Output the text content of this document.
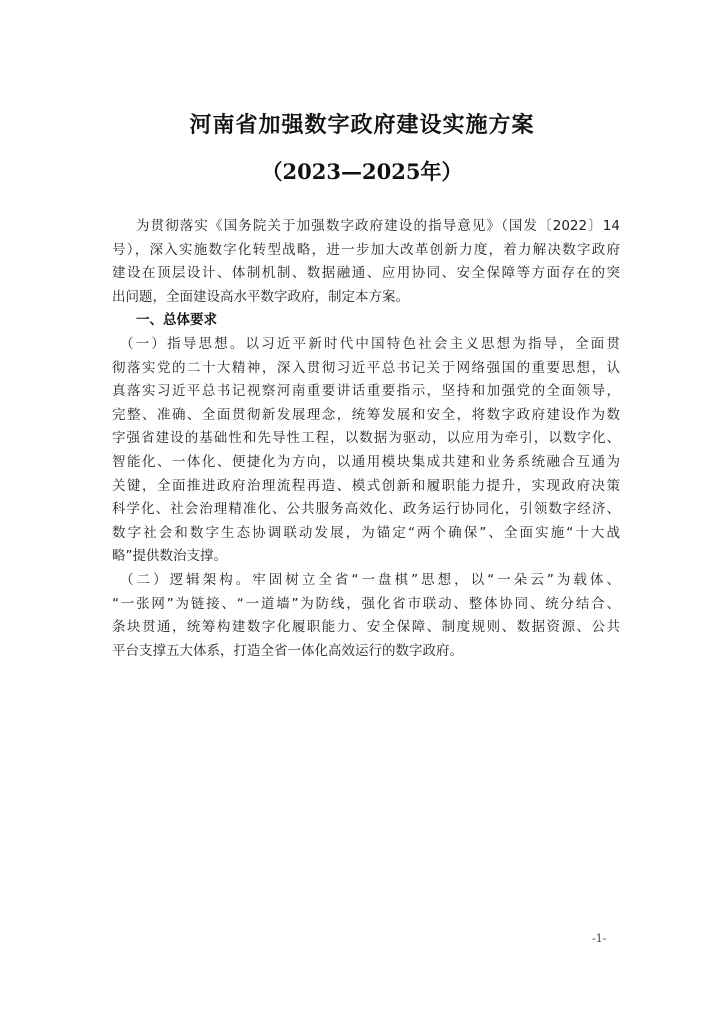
河南省加强数字政府建设实施方案
（2023—2025年）
为贯彻落实《国务院关于加强数字政府建设的指导意见》（国发〔2022〕14
号），深入实施数字化转型战略，进一步加大改革创新力度，着力解决数字政府
建设在顶层设计、体制机制、数据融通、应用协同、安全保障等方面存在的突
出问题，全面建设高水平数字政府，制定本方案。
一、总体要求
（一）指导思想。以习近平新时代中国特色社会主义思想为指导，全面贯
彻落实党的二十大精神，深入贯彻习近平总书记关于网络强国的重要思想，认
真落实习近平总书记视察河南重要讲话重要指示，坚持和加强党的全面领导，
完整、准确、全面贯彻新发展理念，统筹发展和安全，将数字政府建设作为数
字强省建设的基础性和先导性工程，以数据为驱动，以应用为牵引，以数字化、
智能化、一体化、便捷化为方向，以通用模块集成共建和业务系统融合互通为
关键，全面推进政府治理流程再造、模式创新和履职能力提升，实现政府决策
科学化、社会治理精准化、公共服务高效化、政务运行协同化，引领数字经济、
数字社会和数字生态协调联动发展，为锚定“两个确保”、全面实施“十大战
略”提供数治支撑。
（二）逻辑架构。牢固树立全省“一盘棋”思想，以“一朵云”为载体、
“一张网”为链接、“一道墙”为防线，强化省市联动、整体协同、统分结合、
条块贯通，统筹构建数字化履职能力、安全保障、制度规则、数据资源、公共
平台支撑五大体系，打造全省一体化高效运行的数字政府。
-1-
